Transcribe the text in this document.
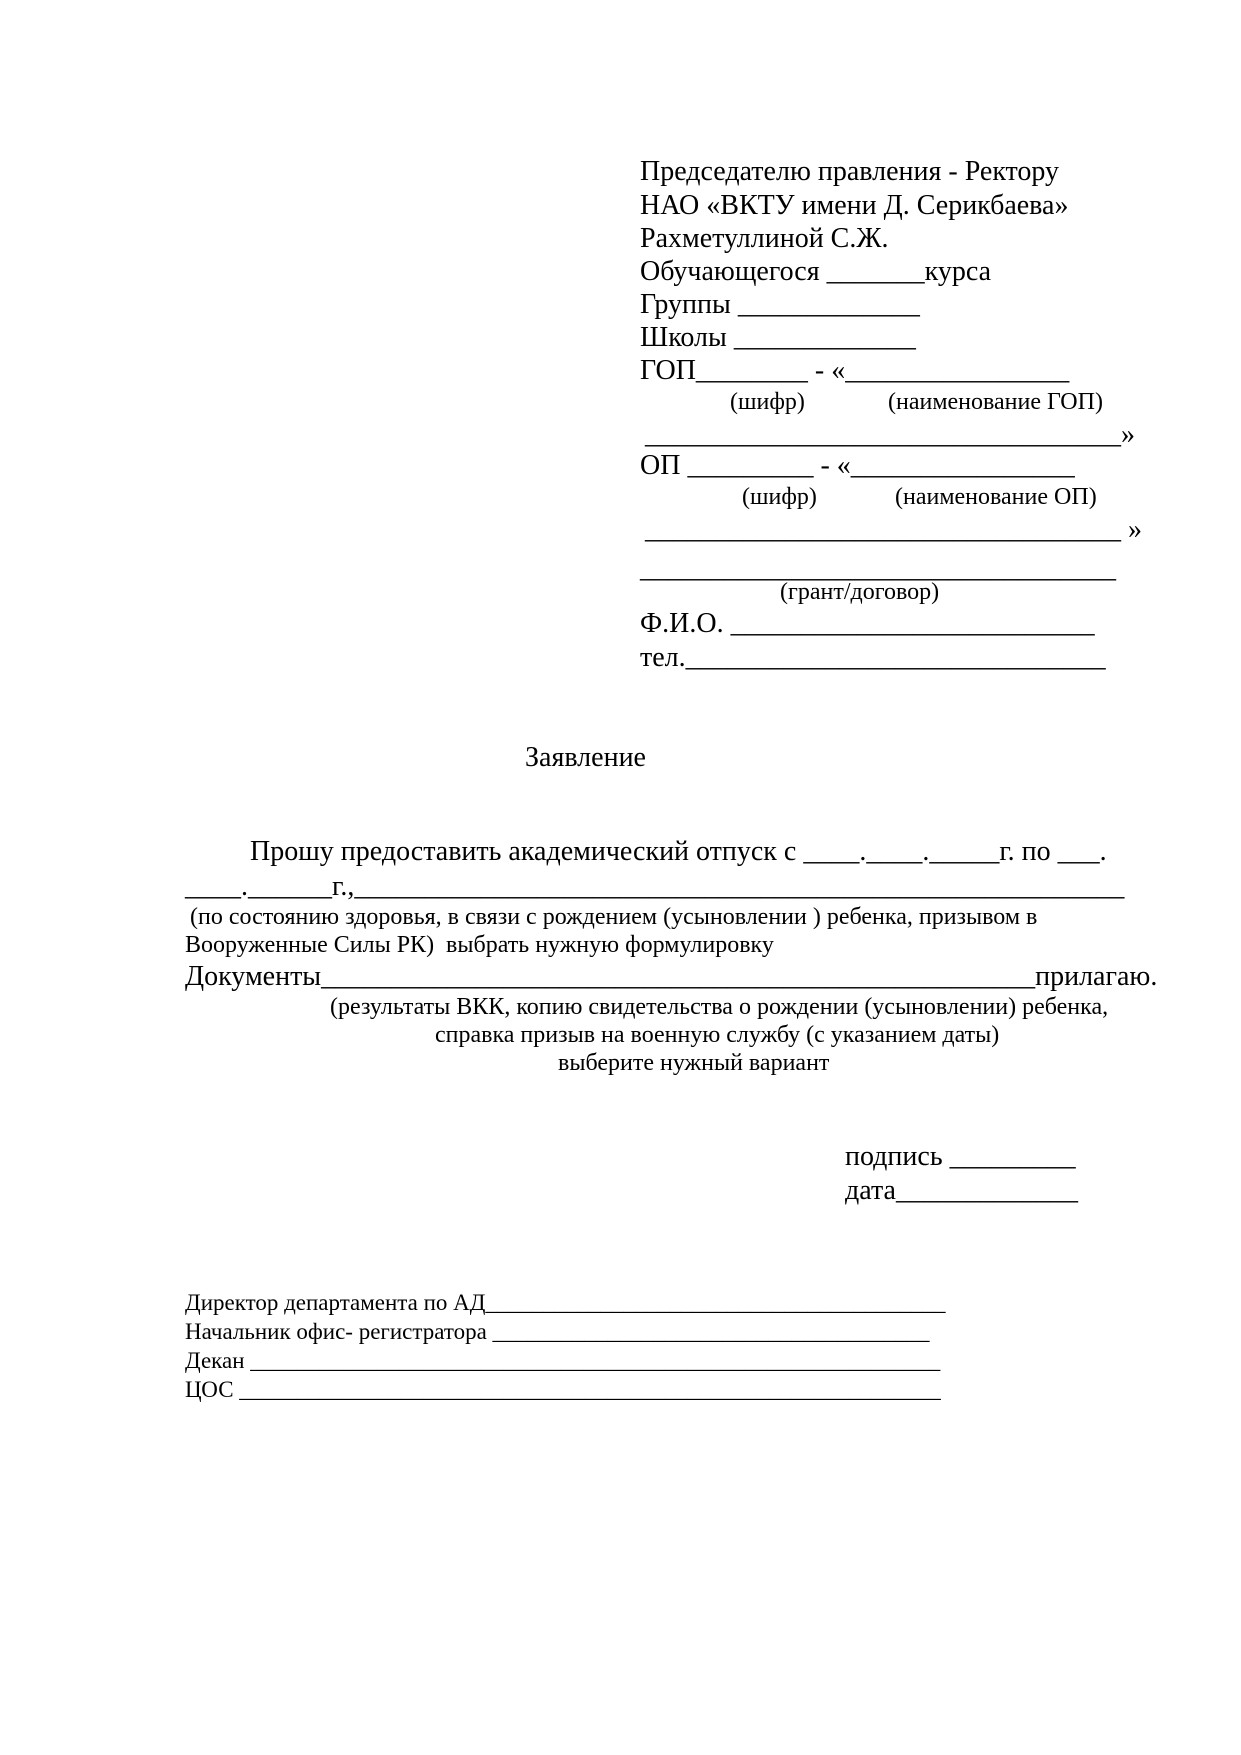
Председателю правления - Ректору

НАО «ВКТУ имени Д. Серикбаева»

Рахметуллиной С.Ж.

Обучающегося _______курса

Группы _____________

Школы _____________

ГОП________ - «________________

(шифр)	(наименование ГОП)

__________________________________»

ОП _________ - «________________

(шифр)	(наименование ОП)

__________________________________ »

__________________________________

(грант/договор)

Ф.И.О. __________________________

тел.______________________________

Заявление

Прошу предоставить академический отпуск с ____.____._____г. по ___.

____.______г.,_______________________________________________________

(по состоянию здоровья, в связи с рождением (усыновлении ) ребенка, призывом в

Вооруженные Силы РК)  выбрать нужную формулировку

Документы___________________________________________________прилагаю.

(результаты ВКК, копию свидетельства о рождении (усыновлении) ребенка,

справка призыв на военную службу (с указанием даты)

выберите нужный вариант

подпись _________

дата_____________

Директор департамента по АД________________________________________

Начальник офис- регистратора ______________________________________

Декан ____________________________________________________________

ЦОС _____________________________________________________________
